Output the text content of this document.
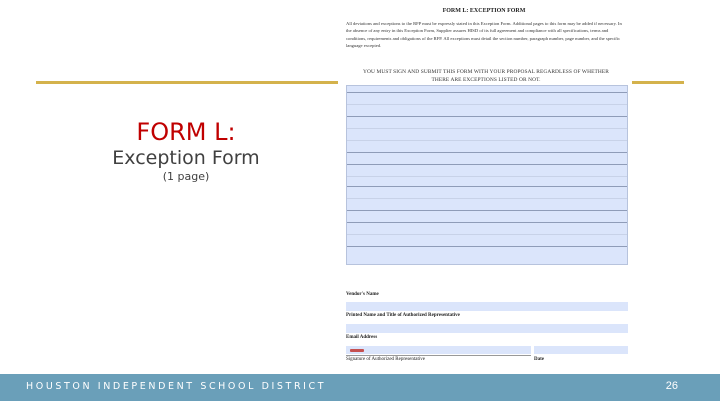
FORM L:
Exception Form
(1 page)
FORM L: EXCEPTION FORM
All deviations and exceptions to the RFP must be expressly stated in this Exception Form. Additional pages to this form may be added if necessary. In the absence of any entry in this Exception Form, Supplier assures HISD of its full agreement and compliance with all specifications, terms and conditions, requirements and obligations of the RFP. All exceptions must detail the section number, paragraph number, page number, and the specific language excepted.
YOU MUST SIGN AND SUBMIT THIS FORM WITH YOUR PROPOSAL REGARDLESS OF WHETHER
THERE ARE EXCEPTIONS LISTED OR NOT.
Vendor's Name
Printed Name and Title of Authorized Representative
Email Address
Signature of Authorized Representative	Date
HOUSTON INDEPENDENT SCHOOL DISTRICT	26
